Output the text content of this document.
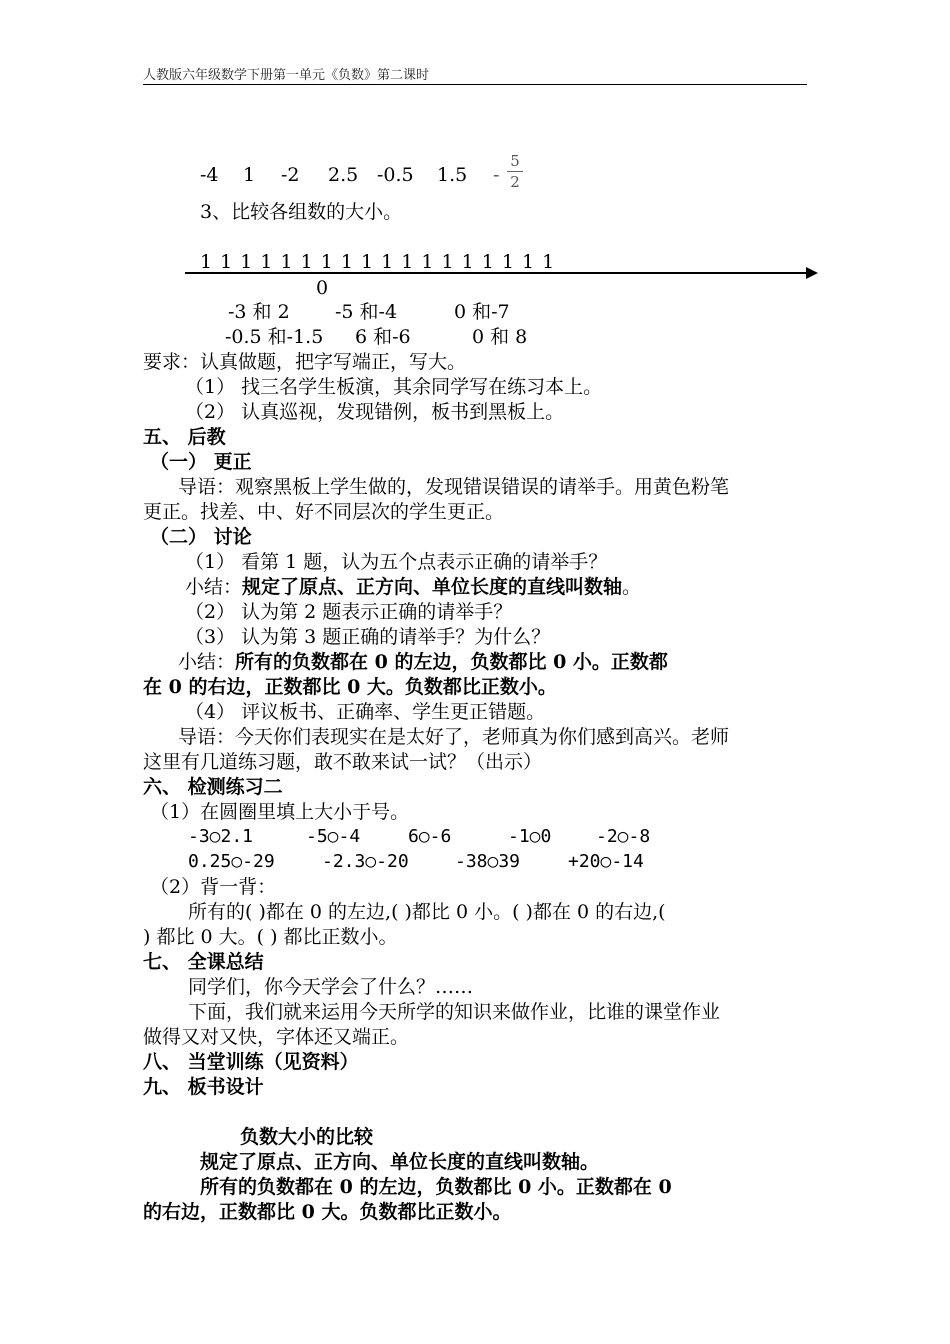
人教版六年级数学下册第一单元《负数》第二课时
-4 1 -2 2.5 -0.5 1.5 -
5
2
3、比较各组数的大小。
1 1 1 1 1 1 1 1 1 1 1 1 1 1 1 1 1 1
0
-3 和 2 -5 和-4	0 和-7
-0.5 和-1.5 6 和-6	0 和 8
要求：认真做题，把字写端正，写大。
（1） 找三名学生板演，其余同学写在练习本上。
（2） 认真巡视，发现错例，板书到黑板上。
五、 后教
（一） 更正
导语：观察黑板上学生做的，发现错误错误的请举手。用黄色粉笔
更正。找差、中、好不同层次的学生更正。
（二） 讨论
（1） 看第 1 题，认为五个点表示正确的请举手？
小结：规定了原点、正方向、单位长度的直线叫数轴。
（2） 认为第 2 题表示正确的请举手？
（3） 认为第 3 题正确的请举手？为什么？
小结：所有的负数都在 0 的左边，负数都比 0 小。正数都
在 0 的右边，正数都比 0 大。负数都比正数小。
（4） 评议板书、正确率、学生更正错题。
导语：今天你们表现实在是太好了，老师真为你们感到高兴。老师
这里有几道练习题，敢不敢来试一试？（出示）
六、 检测练习二
（1）在圆圈里填上大小于号。
-3○2.1	-5○-4	6○-6	-1○0 -2○-8
0.25○-29	-2.3○-20	-38○39	+20○-14
（2）背一背：
所有的( )都在 0 的左边,( )都比 0 小。( )都在 0 的右边,(
) 都比 0 大。( ) 都比正数小。
七、 全课总结
同学们，你今天学会了什么？……
下面，我们就来运用今天所学的知识来做作业，比谁的课堂作业
做得又对又快，字体还又端正。
八、 当堂训练（见资料）
九、 板书设计
负数大小的比较
规定了原点、正方向、单位长度的直线叫数轴。
所有的负数都在 0 的左边，负数都比 0 小。正数都在 0
的右边，正数都比 0 大。负数都比正数小。
